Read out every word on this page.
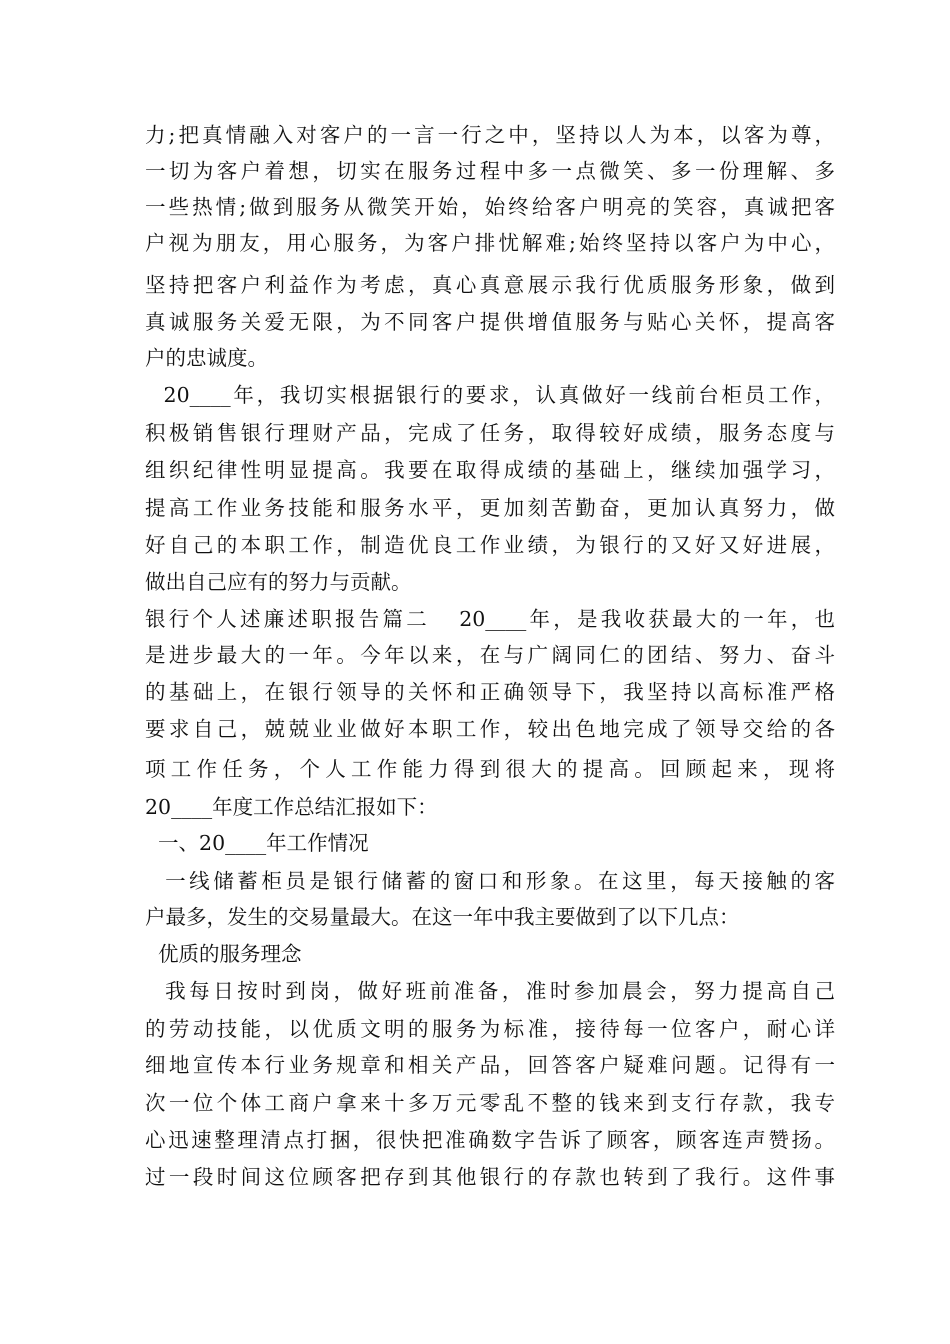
力;把真情融入对客户的一言一行之中，坚持以人为本，以客为尊，
一切为客户着想，切实在服务过程中多一点微笑、多一份理解、多
一些热情;做到服务从微笑开始，始终给客户明亮的笑容，真诚把客
户视为朋友，用心服务，为客户排忧解难;始终坚持以客户为中心，
坚持把客户利益作为考虑，真心真意展示我行优质服务形象，做到
真诚服务关爱无限，为不同客户提供增值服务与贴心关怀，提高客
户的忠诚度。
20____年，我切实根据银行的要求，认真做好一线前台柜员工作，
积极销售银行理财产品，完成了任务，取得较好成绩，服务态度与
组织纪律性明显提高。我要在取得成绩的基础上，继续加强学习，
提高工作业务技能和服务水平，更加刻苦勤奋，更加认真努力，做
好自己的本职工作，制造优良工作业绩，为银行的又好又好进展，
做出自己应有的努力与贡献。
银行个人述廉述职报告篇二   20____年，是我收获最大的一年，也
是进步最大的一年。今年以来，在与广阔同仁的团结、努力、奋斗
的基础上，在银行领导的关怀和正确领导下，我坚持以高标准严格
要求自己，兢兢业业做好本职工作，较出色地完成了领导交给的各
项工作任务，个人工作能力得到很大的提高。回顾起来，现将
20____年度工作总结汇报如下：
一、20____年工作情况
一线储蓄柜员是银行储蓄的窗口和形象。在这里，每天接触的客
户最多，发生的交易量最大。在这一年中我主要做到了以下几点：
优质的服务理念
我每日按时到岗，做好班前准备，准时参加晨会，努力提高自己
的劳动技能，以优质文明的服务为标准，接待每一位客户，耐心详
细地宣传本行业务规章和相关产品，回答客户疑难问题。记得有一
次一位个体工商户拿来十多万元零乱不整的钱来到支行存款，我专
心迅速整理清点打捆，很快把准确数字告诉了顾客，顾客连声赞扬。
过一段时间这位顾客把存到其他银行的存款也转到了我行。这件事
